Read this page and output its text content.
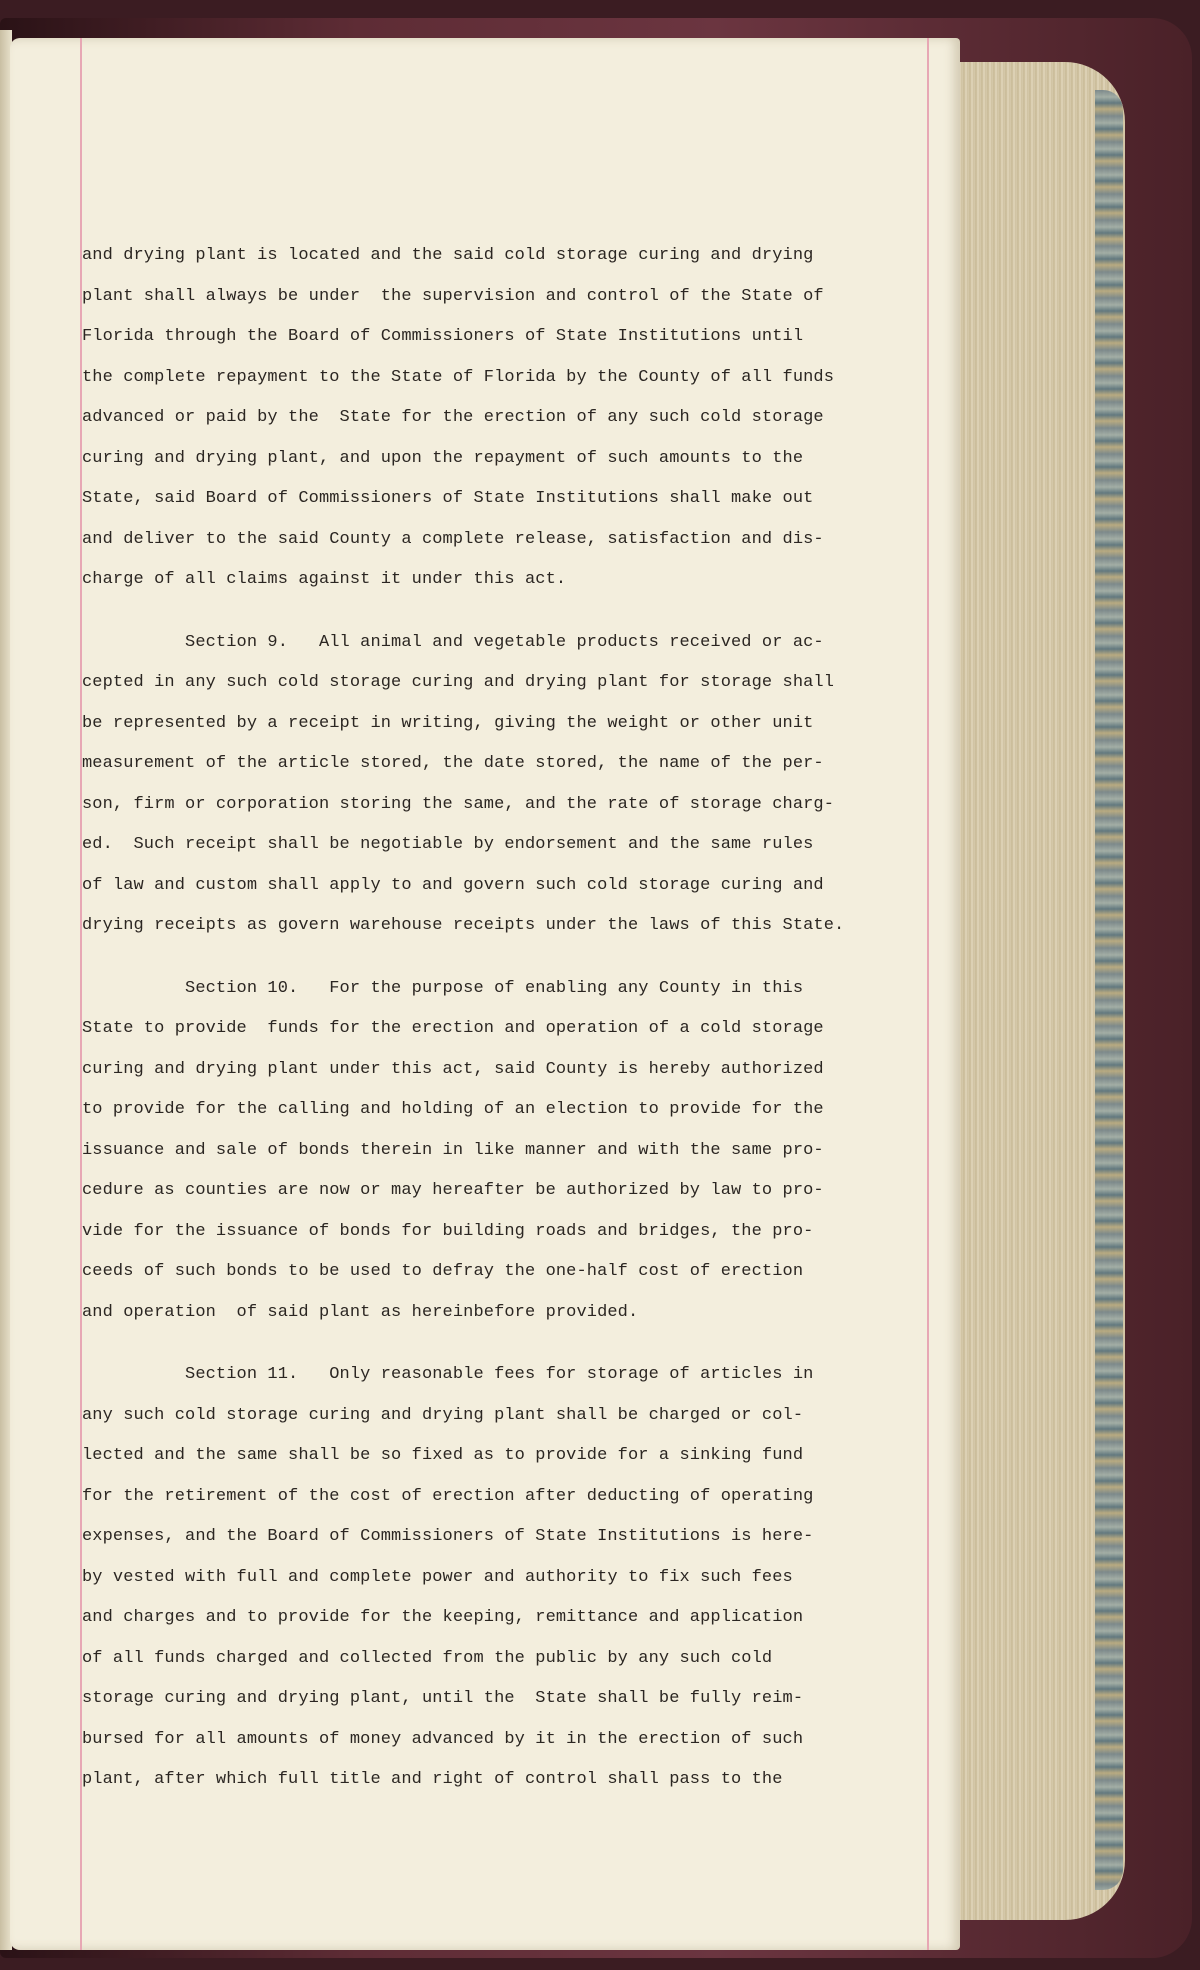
and drying plant is located and the said cold storage curing and drying
plant shall always be under  the supervision and control of the State of
Florida through the Board of Commissioners of State Institutions until
the complete repayment to the State of Florida by the County of all funds
advanced or paid by the  State for the erection of any such cold storage
curing and drying plant, and upon the repayment of such amounts to the
State, said Board of Commissioners of State Institutions shall make out
and deliver to the said County a complete release, satisfaction and dis-
charge of all claims against it under this act.
Section 9.   All animal and vegetable products received or ac-
cepted in any such cold storage curing and drying plant for storage shall
be represented by a receipt in writing, giving the weight or other unit
measurement of the article stored, the date stored, the name of the per-
son, firm or corporation storing the same, and the rate of storage charg-
ed.  Such receipt shall be negotiable by endorsement and the same rules
of law and custom shall apply to and govern such cold storage curing and
drying receipts as govern warehouse receipts under the laws of this State.
Section 10.   For the purpose of enabling any County in this
State to provide  funds for the erection and operation of a cold storage
curing and drying plant under this act, said County is hereby authorized
to provide for the calling and holding of an election to provide for the
issuance and sale of bonds therein in like manner and with the same pro-
cedure as counties are now or may hereafter be authorized by law to pro-
vide for the issuance of bonds for building roads and bridges, the pro-
ceeds of such bonds to be used to defray the one-half cost of erection
and operation  of said plant as hereinbefore provided.
Section 11.   Only reasonable fees for storage of articles in
any such cold storage curing and drying plant shall be charged or col-
lected and the same shall be so fixed as to provide for a sinking fund
for the retirement of the cost of erection after deducting of operating
expenses, and the Board of Commissioners of State Institutions is here-
by vested with full and complete power and authority to fix such fees
and charges and to provide for the keeping, remittance and application
of all funds charged and collected from the public by any such cold
storage curing and drying plant, until the  State shall be fully reim-
bursed for all amounts of money advanced by it in the erection of such
plant, after which full title and right of control shall pass to the
